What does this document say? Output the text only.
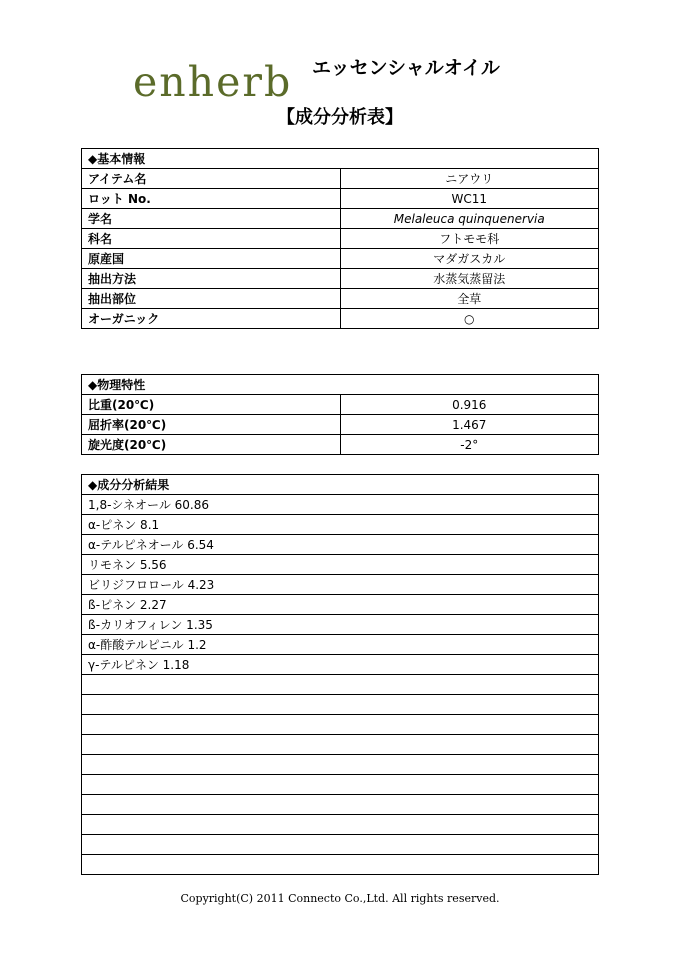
enherb エッセンシャルオイル
【成分分析表】
◆基本情報	
アイテム名	ニアウリ
ロット No.	WC11
学名	Melaleuca quinquenervia
科名	フトモモ科
原産国	マダガスカル
抽出方法	水蒸気蒸留法
抽出部位	全草
オーガニック	○
◆物理特性	
比重(20℃)	0.916
屈折率(20℃)	1.467
旋光度(20℃)	-2°
◆成分分析結果
1,8-シネオール 60.86
α-ピネン 8.1
α-テルピネオール 6.54
リモネン 5.56
ビリジフロロール 4.23
ß-ピネン 2.27
ß-カリオフィレン 1.35
α-酢酸テルピニル 1.2
γ-テルピネン 1.18

Copyright(C) 2011 Connecto Co.,Ltd. All rights reserved.
